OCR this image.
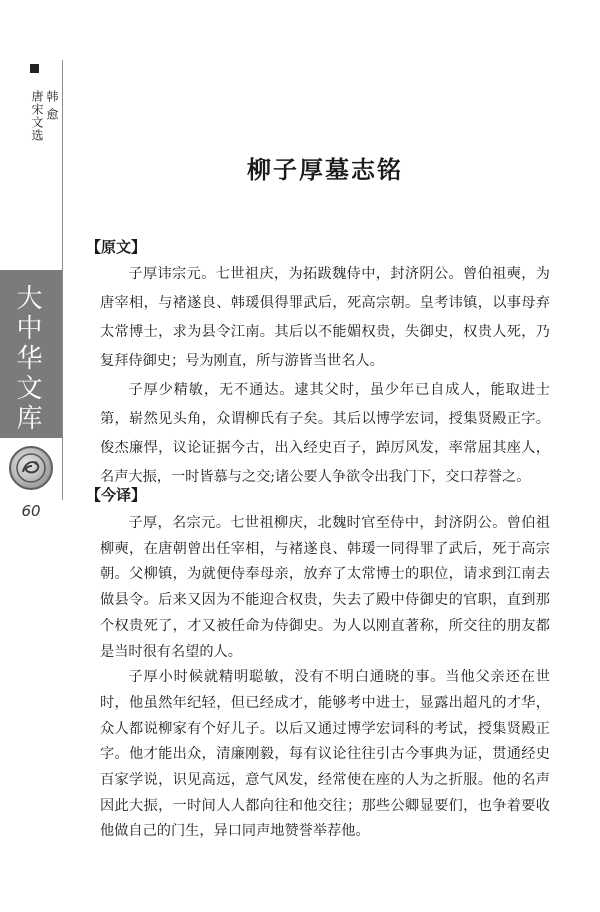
韩 愈
唐宋文选
大中华文库
60
柳子厚墓志铭
【原文】

子厚讳宗元。七世祖庆，为拓跋魏侍中，封济阴公。曾伯祖奭，为唐宰相，与褚遂良、韩瑗俱得罪武后，死高宗朝。皇考讳镇，以事母弃太常博士，求为县令江南。其后以不能媚权贵，失御史，权贵人死，乃复拜侍御史；号为刚直，所与游皆当世名人。

子厚少精敏，无不通达。逮其父时，虽少年已自成人，能取进士第，崭然见头角，众谓柳氏有子矣。其后以博学宏词，授集贤殿正字。俊杰廉悍，议论证据今古，出入经史百子，踔厉风发，率常屈其座人，名声大振，一时皆慕与之交;诸公要人争欲令出我门下，交口荐誉之。

【今译】

子厚，名宗元。七世祖柳庆，北魏时官至侍中，封济阴公。曾伯祖柳奭，在唐朝曾出任宰相，与褚遂良、韩瑗一同得罪了武后，死于高宗朝。父柳镇，为就便侍奉母亲，放弃了太常博士的职位，请求到江南去做县令。后来又因为不能迎合权贵，失去了殿中侍御史的官职，直到那个权贵死了，才又被任命为侍御史。为人以刚直著称，所交往的朋友都是当时很有名望的人。

子厚小时候就精明聪敏，没有不明白通晓的事。当他父亲还在世时，他虽然年纪轻，但已经成才，能够考中进士，显露出超凡的才华，众人都说柳家有个好儿子。以后又通过博学宏词科的考试，授集贤殿正字。他才能出众，清廉刚毅，每有议论往往引古今事典为证，贯通经史百家学说，识见高远，意气风发，经常使在座的人为之折服。他的名声因此大振，一时间人人都向往和他交往；那些公卿显要们，也争着要收他做自己的门生，异口同声地赞誉举荐他。
